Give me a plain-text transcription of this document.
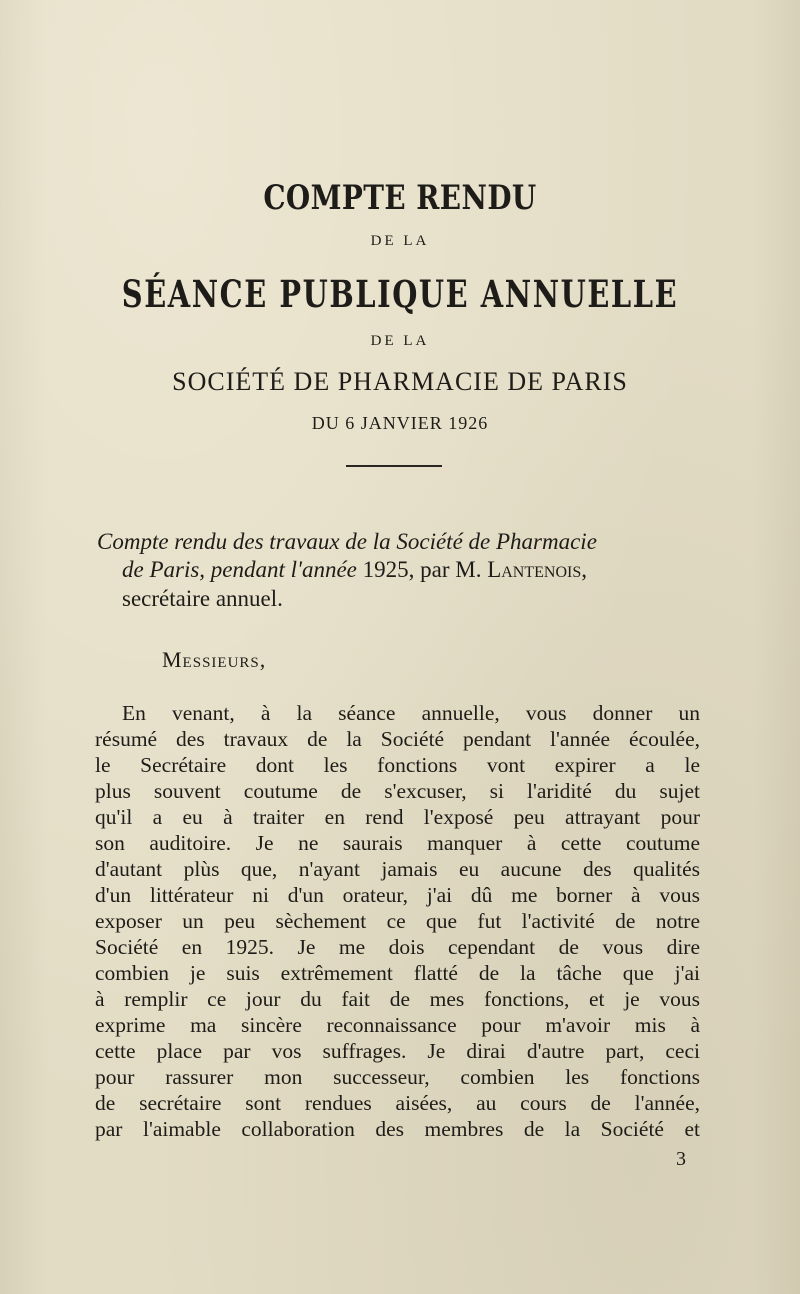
COMPTE RENDU
DE LA
SÉANCE PUBLIQUE ANNUELLE
DE LA
SOCIÉTÉ DE PHARMACIE DE PARIS
DU 6 JANVIER 1926
Compte rendu des travaux de la Société de Pharmacie
de Paris, pendant l'année 1925, par M. Lantenois,
secrétaire annuel.
Messieurs,
En venant, à la séance annuelle, vous donner un
résumé des travaux de la Société pendant l'année écoulée,
le Secrétaire dont les fonctions vont expirer a le
plus souvent coutume de s'excuser, si l'aridité du sujet
qu'il a eu à traiter en rend l'exposé peu attrayant pour
son auditoire. Je ne saurais manquer à cette coutume
d'autant plùs que, n'ayant jamais eu aucune des qualités
d'un littérateur ni d'un orateur, j'ai dû me borner à vous
exposer un peu sèchement ce que fut l'activité de notre
Société en 1925. Je me dois cependant de vous dire
combien je suis extrêmement flatté de la tâche que j'ai
à remplir ce jour du fait de mes fonctions, et je vous
exprime ma sincère reconnaissance pour m'avoir mis à
cette place par vos suffrages. Je dirai d'autre part, ceci
pour rassurer mon successeur, combien les fonctions
de secrétaire sont rendues aisées, au cours de l'année,
par l'aimable collaboration des membres de la Société et
3
